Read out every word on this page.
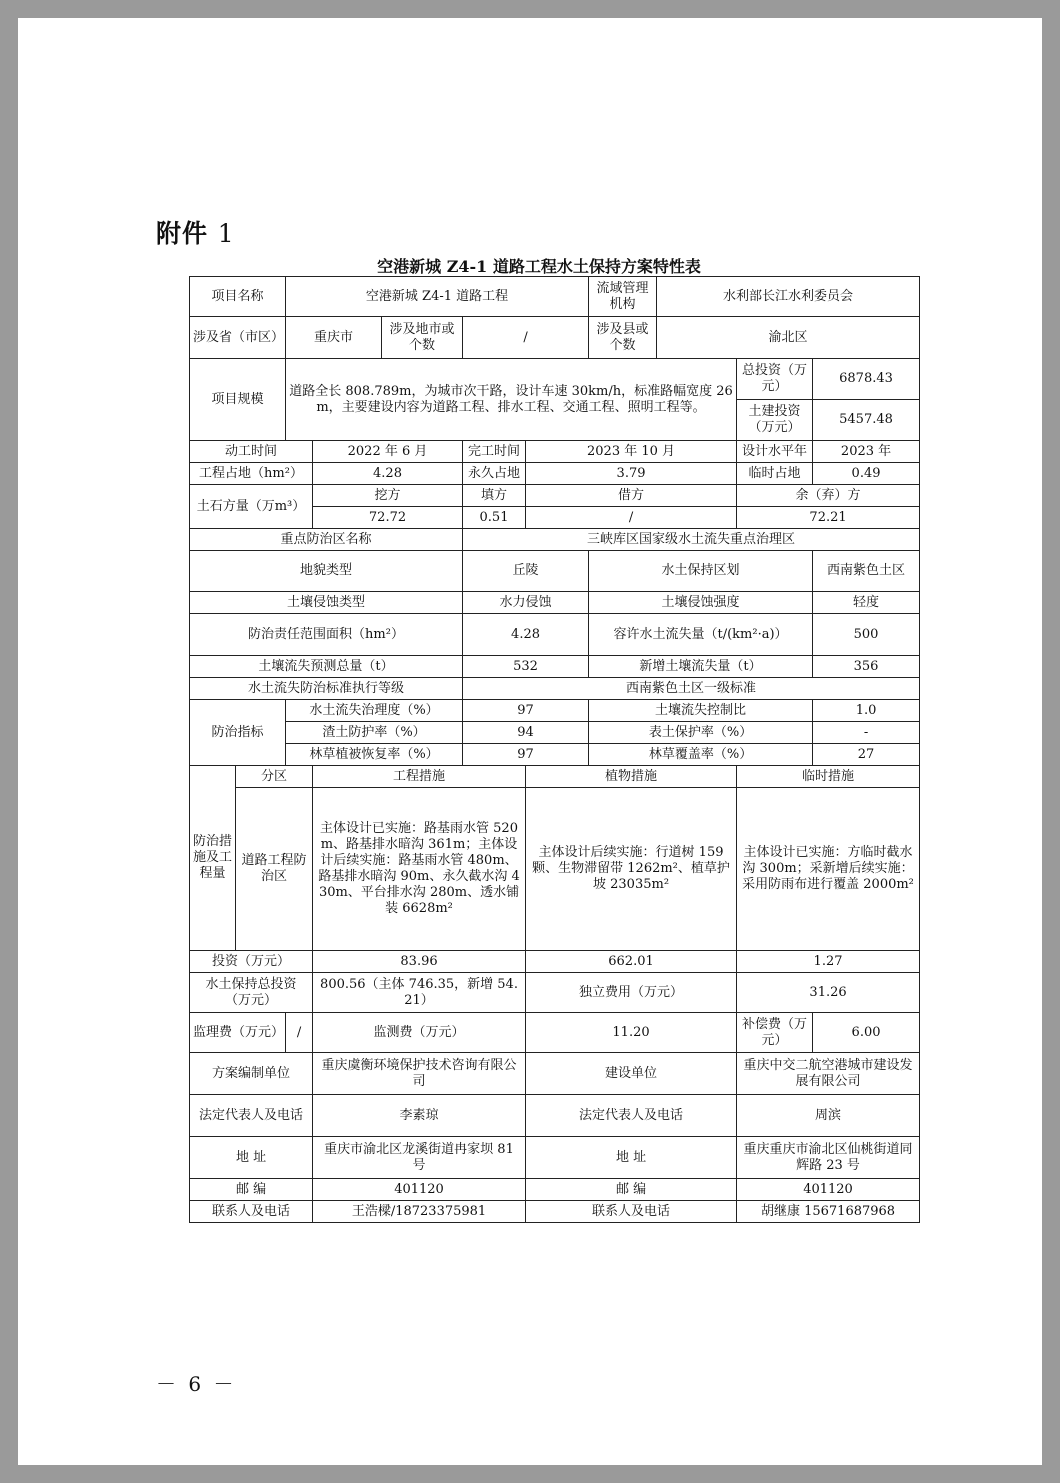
附件 1
空港新城 Z4-1 道路工程水土保持方案特性表
项目名称		空港新城 Z4-1 道路工程					流域管理机构	水利部长江水利委员会		
涉及省（市区）		重庆市		涉及地市或个数	/		涉及县或个数	渝北区		
项目规模		道路全长 808.789m，为城市次干路，设计车速 30km/h，标准路幅宽度 26m，主要建设内容为道路工程、排水工程、交通工程、照明工程等。							总投资（万元）	6878.43
									土建投资（万元）	5457.48
动工时间			2022 年 6 月		完工时间	2023 年 10 月			设计水平年	2023 年
工程占地（hm²）			4.28		永久占地	3.79			临时占地	0.49
土石方量（万m³）			挖方		填方	借方			余（弃）方	
			72.72		0.51	/			72.21	
重点防治区名称					三峡库区国家级水土流失重点治理区					
地貌类型					丘陵		水土保持区划			西南紫色土区
土壤侵蚀类型					水力侵蚀		土壤侵蚀强度			轻度
防治责任范围面积（hm²）					4.28		容许水土流失量（t/(km²·a)）			500
土壤流失预测总量（t）					532		新增土壤流失量（t）			356
水土流失防治标准执行等级					西南紫色土区一级标准					
防治指标		水土流失治理度（%）			97		土壤流失控制比			1.0
		渣土防护率（%）			94		表土保护率（%）			-
		林草植被恢复率（%）			97		林草覆盖率（%）			27
防治措施及工程量	分区		工程措施			植物措施			临时措施	
	道路工程防治区		主体设计已实施：路基雨水管 520m、路基排水暗沟 361m；主体设计后续实施：路基雨水管 480m、路基排水暗沟 90m、永久截水沟 430m、平台排水沟 280m、透水铺装 6628m²			主体设计后续实施：行道树 159 颗、生物滞留带 1262m²、植草护坡 23035m²			主体设计已实施：方临时截水沟 300m；采新增后续实施：采用防雨布进行覆盖 2000m²	
投资（万元）			83.96			662.01			1.27	
水土保持总投资（万元）			800.56（主体 746.35，新增 54.21）			独立费用（万元）			31.26	
监理费（万元）		/	监测费（万元）			11.20			补偿费（万元）	6.00
方案编制单位			重庆虞衡环境保护技术咨询有限公司			建设单位			重庆中交二航空港城市建设发展有限公司	
法定代表人及电话			李素琼			法定代表人及电话			周滨	
地 址			重庆市渝北区龙溪街道冉家坝 81 号			地 址			重庆重庆市渝北区仙桃街道同辉路 23 号	
邮 编			401120			邮 编			401120	
联系人及电话			王浩樑/18723375981			联系人及电话			胡继康 15671687968	
－ 6 －
